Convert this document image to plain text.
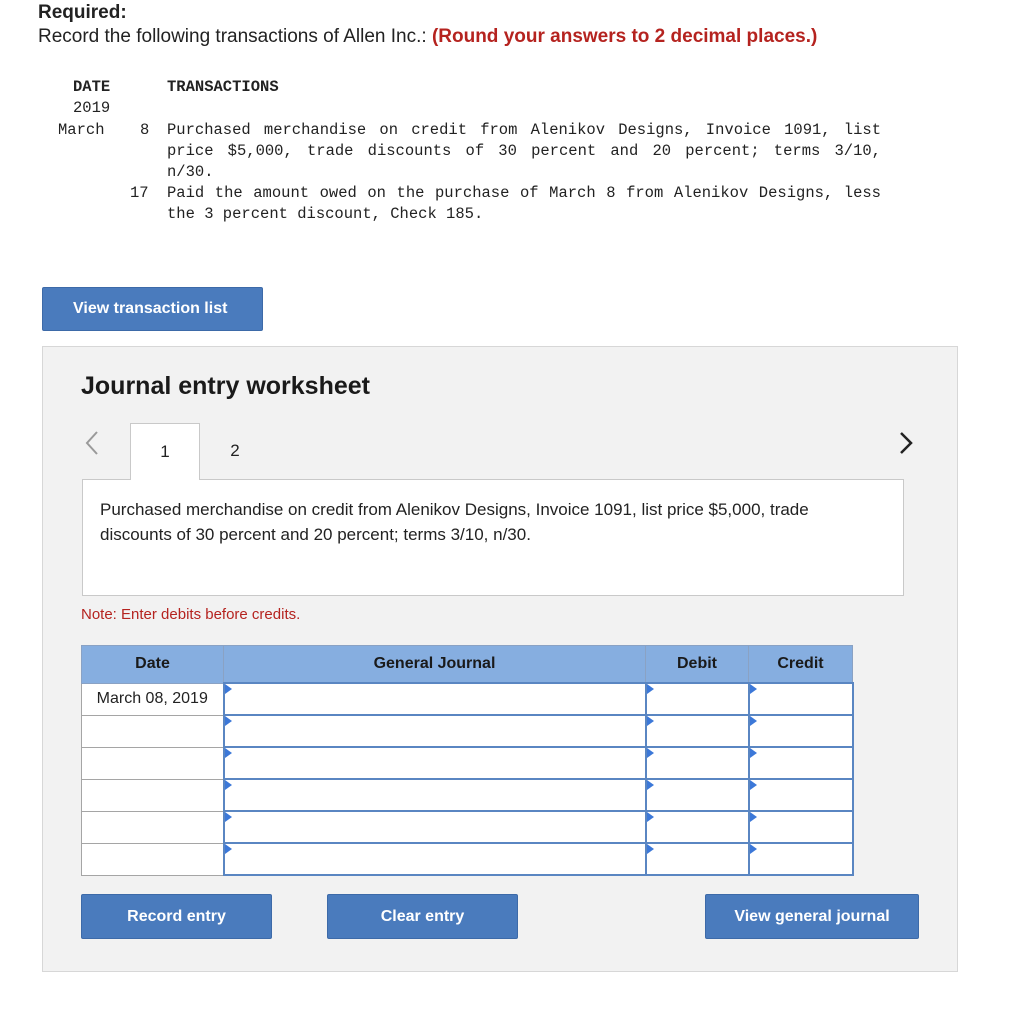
Required:
Record the following transactions of Allen Inc.: (Round your answers to 2 decimal places.)
DATE	TRANSACTIONS
2019
March 8 Purchased merchandise on credit from Alenikov Designs, Invoice 1091, list price $5,000, trade discounts of 30 percent and 20 percent; terms 3/10, n/30.
17 Paid the amount owed on the purchase of March 8 from Alenikov Designs, less the 3 percent discount, Check 185.
View transaction list
Journal entry worksheet
1	2
Purchased merchandise on credit from Alenikov Designs, Invoice 1091, list price $5,000, trade discounts of 30 percent and 20 percent; terms 3/10, n/30.
Note: Enter debits before credits.
Date	General Journal	Debit	Credit
March 08, 2019	

Record entry	Clear entry	View general journal
